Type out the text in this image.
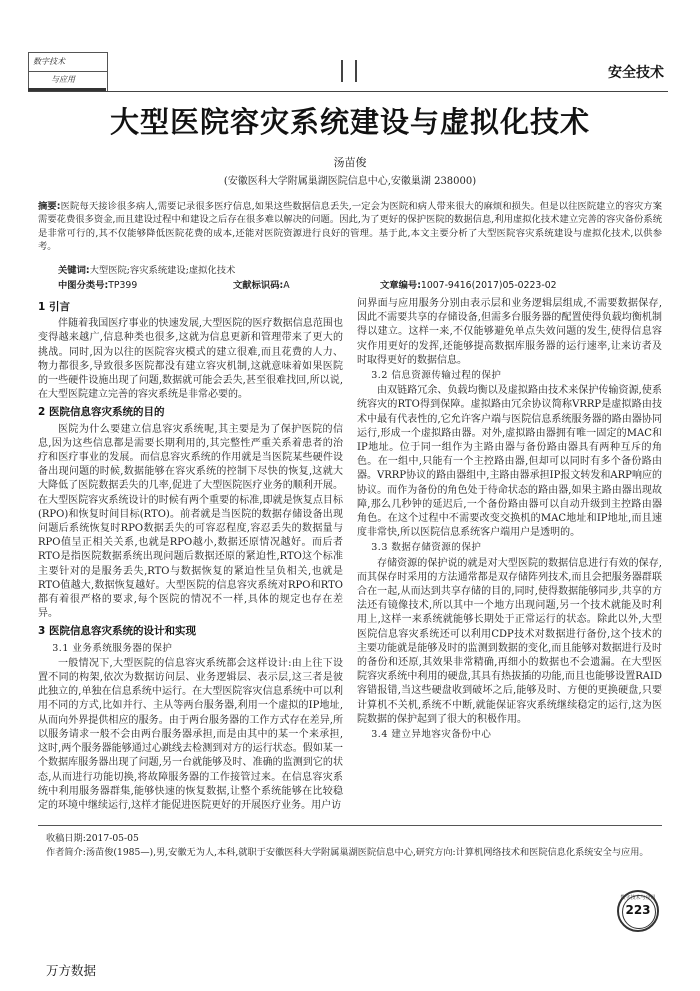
数字技术
与应用	安全技术
大型医院容灾系统建设与虚拟化技术
汤苗俊
(安徽医科大学附属巢湖医院信息中心,安徽巢湖 238000)
摘要:医院每天接诊很多病人,需要记录很多医疗信息,如果这些数据信息丢失,一定会为医院和病人带来很大的麻烦和损失。但是以往医院建立的容灾方案需要花费很多资金,而且建设过程中和建设之后存在很多难以解决的问题。因此,为了更好的保护医院的数据信息,利用虚拟化技术建立完善的容灾备份系统是非常可行的,其不仅能够降低医院花费的成本,还能对医院资源进行良好的管理。基于此,本文主要分析了大型医院容灾系统建设与虚拟化技术,以供参考。
关键词:大型医院;容灾系统建设;虚拟化技术
中图分类号:TP399	文献标识码:A	文章编号:1007-9416(2017)05-0223-02
1 引言

伴随着我国医疗事业的快速发展,大型医院的医疗数据信息范围也变得越来越广,信息种类也很多,这就为信息更新和管理带来了更大的挑战。同时,因为以往的医院容灾模式的建立很难,而且花费的人力、物力都很多,导致很多医院都没有建立容灾机制,这就意味着如果医院的一些硬件设施出现了问题,数据就可能会丢失,甚至很难找回,所以说,在大型医院建立完善的容灾系统是非常必要的。

2 医院信息容灾系统的目的

医院为什么要建立信息容灾系统呢,其主要是为了保护医院的信息,因为这些信息都是需要长期利用的,其完整性严重关系着患者的治疗和医疗事业的发展。而信息容灾系统的作用就是当医院某些硬件设备出现问题的时候,数据能够在容灾系统的控制下尽快的恢复,这就大大降低了医院数据丢失的几率,促进了大型医院医疗业务的顺利开展。在大型医院容灾系统设计的时候有两个重要的标准,即就是恢复点目标(RPO)和恢复时间目标(RTO)。前者就是当医院的数据存储设备出现问题后系统恢复时RPO数据丢失的可容忍程度,容忍丢失的数据量与RPO值呈正相关关系,也就是RPO越小,数据还原情况越好。而后者RTO是指医院数据系统出现问题后数据还原的紧迫性,RTO这个标准主要针对的是服务丢失,RTO与数据恢复的紧迫性呈负相关,也就是RTO值越大,数据恢复越好。大型医院的信息容灾系统对RPO和RTO都有着很严格的要求,每个医院的情况不一样,具体的规定也存在差异。

3 医院信息容灾系统的设计和实现
3.1 业务系统服务器的保护

一般情况下,大型医院的信息容灾系统都会这样设计:由上往下设置不同的构架,依次为数据访问层、业务逻辑层、表示层,这三者是彼此独立的,单独在信息系统中运行。在大型医院容灾信息系统中可以利用不同的方式,比如并行、主从等两台服务器,利用一个虚拟的IP地址,从而向外界提供相应的服务。由于两台服务器的工作方式存在差异,所以服务请求一般不会由两台服务器承担,而是由其中的某一个来承担,这时,两个服务器能够通过心跳线去检测到对方的运行状态。假如某一个数据库服务器出现了问题,另一台就能够及时、准确的监测到它的状态,从而进行功能切换,将故障服务器的工作接管过来。在信息容灾系统中利用服务器群集,能够快速的恢复数据,让整个系统能够在比较稳定的环境中继续运行,这样才能促进医院更好的开展医疗业务。用户访

问界面与应用服务分别由表示层和业务逻辑层组成,不需要数据保存,因此不需要共享的存储设备,但需多台服务器的配置使得负载均衡机制得以建立。这样一来,不仅能够避免单点失效问题的发生,使得信息容灾作用更好的发挥,还能够提高数据库服务器的运行速率,让来访者及时取得更好的数据信息。

3.2 信息资源传输过程的保护

由双链路冗余、负载均衡以及虚拟路由技术来保护传输资源,使系统容灾的RTO得到保障。虚拟路由冗余协议简称VRRP是虚拟路由技术中最有代表性的,它允许客户端与医院信息系统服务器的路由器协同运行,形成一个虚拟路由器。对外,虚拟路由器拥有唯一固定的MAC和IP地址。位于同一组作为主路由器与备份路由器具有两种互斥的角色。在一组中,只能有一个主控路由器,但却可以同时有多个备份路由器。VRRP协议的路由器组中,主路由器承担IP报文转发和ARP响应的协议。而作为备份的角色处于待命状态的路由器,如果主路由器出现故障,那么几秒钟的延迟后,一个备份路由器可以自动升级到主控路由器角色。在这个过程中不需要改变交换机的MAC地址和IP地址,而且速度非常快,所以医院信息系统客户端用户是透明的。

3.3 数据存储资源的保护

存储资源的保护说的就是对大型医院的数据信息进行有效的保存,而其保存时采用的方法通常都是双存储阵列技术,而且会把服务器群联合在一起,从而达到共享存储的目的,同时,使得数据能够同步,共享的方法还有镜像技术,所以其中一个地方出现问题,另一个技术就能及时利用上,这样一来系统就能够长期处于正常运行的状态。除此以外,大型医院信息容灾系统还可以利用CDP技术对数据进行备份,这个技术的主要功能就是能够及时的监测到数据的变化,而且能够对数据进行及时的备份和还原,其效果非常精确,再细小的数据也不会遗漏。在大型医院容灾系统中利用的硬盘,其具有热拔插的功能,而且也能够设置RAID容错报错,当这些硬盘收到破坏之后,能够及时、方便的更换硬盘,只要计算机不关机,系统不中断,就能保证容灾系统继续稳定的运行,这为医院数据的保护起到了很大的积极作用。

3.4 建立异地容灾备份中心
收稿日期:2017-05-05
作者简介:汤苗俊(1985—),男,安徽无为人,本科,就职于安徽医科大学附属巢湖医院信息中心,研究方向:计算机网络技术和医院信息化系统安全与应用。
数字技术与应用
223
万方数据
